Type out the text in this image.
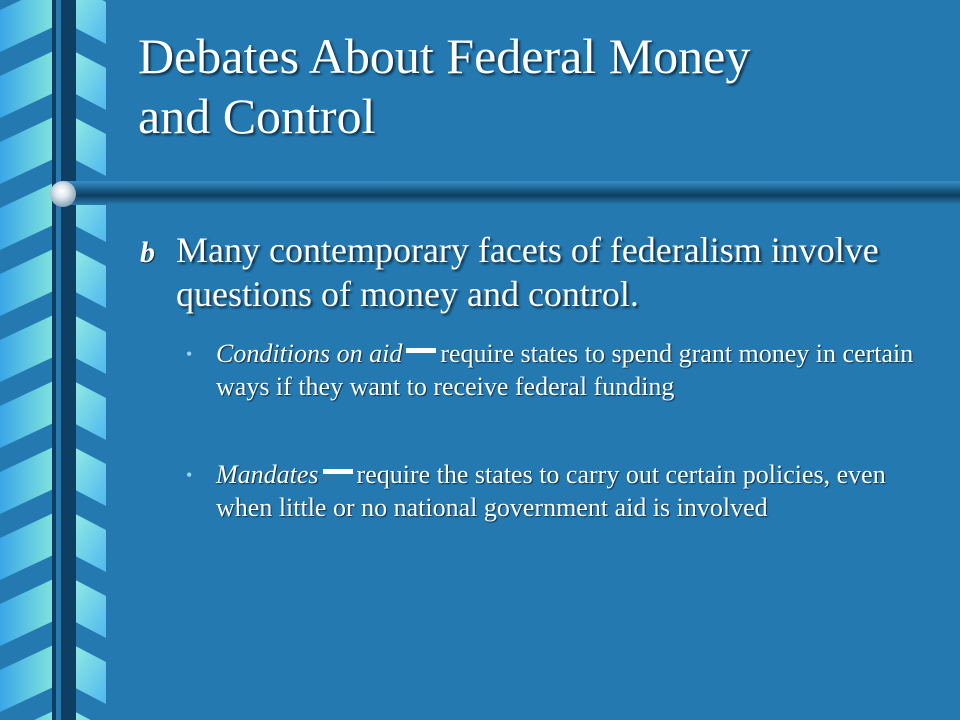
Debates About Federal Money
and Control
b Many contemporary facets of federalism involve questions of money and control.
• Conditions on aid require states to spend grant money in certain ways if they want to receive federal funding
• Mandates require the states to carry out certain policies, even when little or no national government aid is involved
